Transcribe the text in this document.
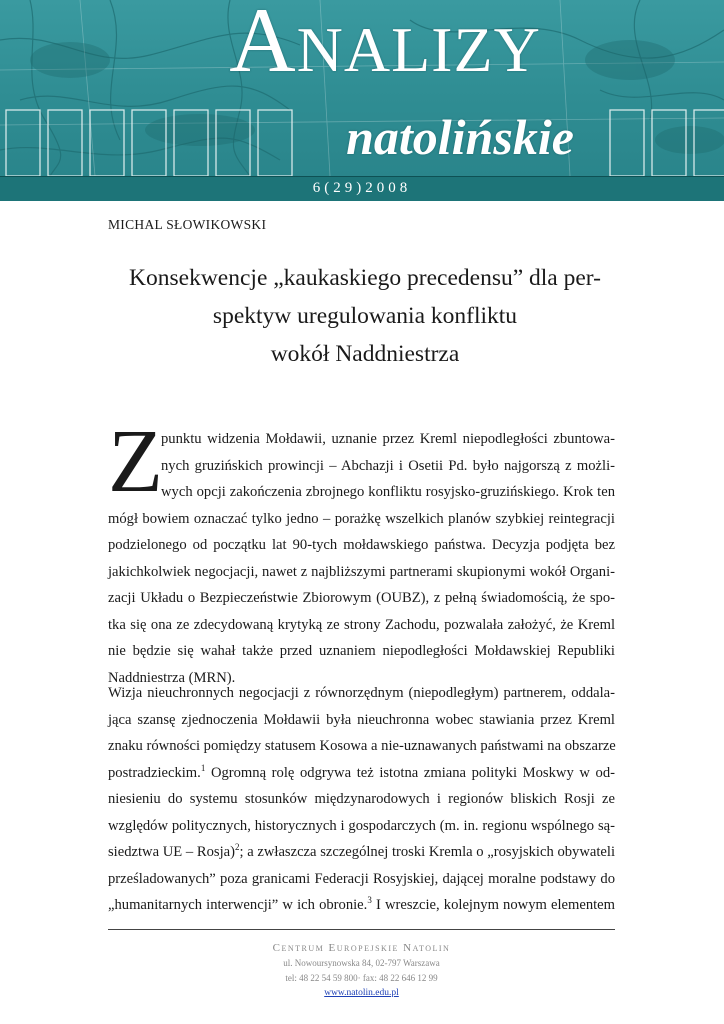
Analizy
natolińskie
6(29)2008
MICHAL SŁOWIKOWSKI
Konsekwencje „kaukaskiego precedensu” dla per-
spektyw uregulowania konfliktu
wokół Naddniestrza
Z
punktu widzenia Mołdawii, uznanie przez Kreml niepodległości zbuntowa-
nych gruzińskich prowincji – Abchazji i Osetii Pd. było najgorszą z możli-
wych opcji zakończenia zbrojnego konfliktu rosyjsko-gruzińskiego. Krok ten
mógł bowiem oznaczać tylko jedno – porażkę wszelkich planów szybkiej reintegracji
podzielonego od początku lat 90-tych mołdawskiego państwa. Decyzja podjęta bez
jakichkolwiek negocjacji, nawet z najbliższymi partnerami skupionymi wokół Organi-
zacji Układu o Bezpieczeństwie Zbiorowym (OUBZ), z pełną świadomością, że spo-
tka się ona ze zdecydowaną krytyką ze strony Zachodu, pozwalała założyć, że Kreml
nie będzie się wahał także przed uznaniem niepodległości Mołdawskiej Republiki
Naddniestrza (MRN).
Wizja nieuchronnych negocjacji z równorzędnym (niepodległym) partnerem, oddala-
jąca szansę zjednoczenia Mołdawii była nieuchronna wobec stawiania przez Kreml
znaku równości pomiędzy statusem Kosowa a nie-uznawanych państwami na obszarze
postradzieckim.$^1$ Ogromną rolę odgrywa też istotna zmiana polityki Moskwy w od-
niesieniu do systemu stosunków międzynarodowych i regionów bliskich Rosji ze
względów politycznych, historycznych i gospodarczych (m. in. regionu wspólnego są-
siedztwa UE – Rosja)$^2$; a zwłaszcza szczególnej troski Kremla o „rosyjskich obywateli
prześladowanych” poza granicami Federacji Rosyjskiej, dającej moralne podstawy do
„humanitarnych interwencji” w ich obronie.$^3$ I wreszcie, kolejnym nowym elementem
Centrum Europejskie Natolin
ul. Nowoursynowska 84, 02-797 Warszawa
tel: 48 22 54 59 800· fax: 48 22 646 12 99
www.natolin.edu.pl
